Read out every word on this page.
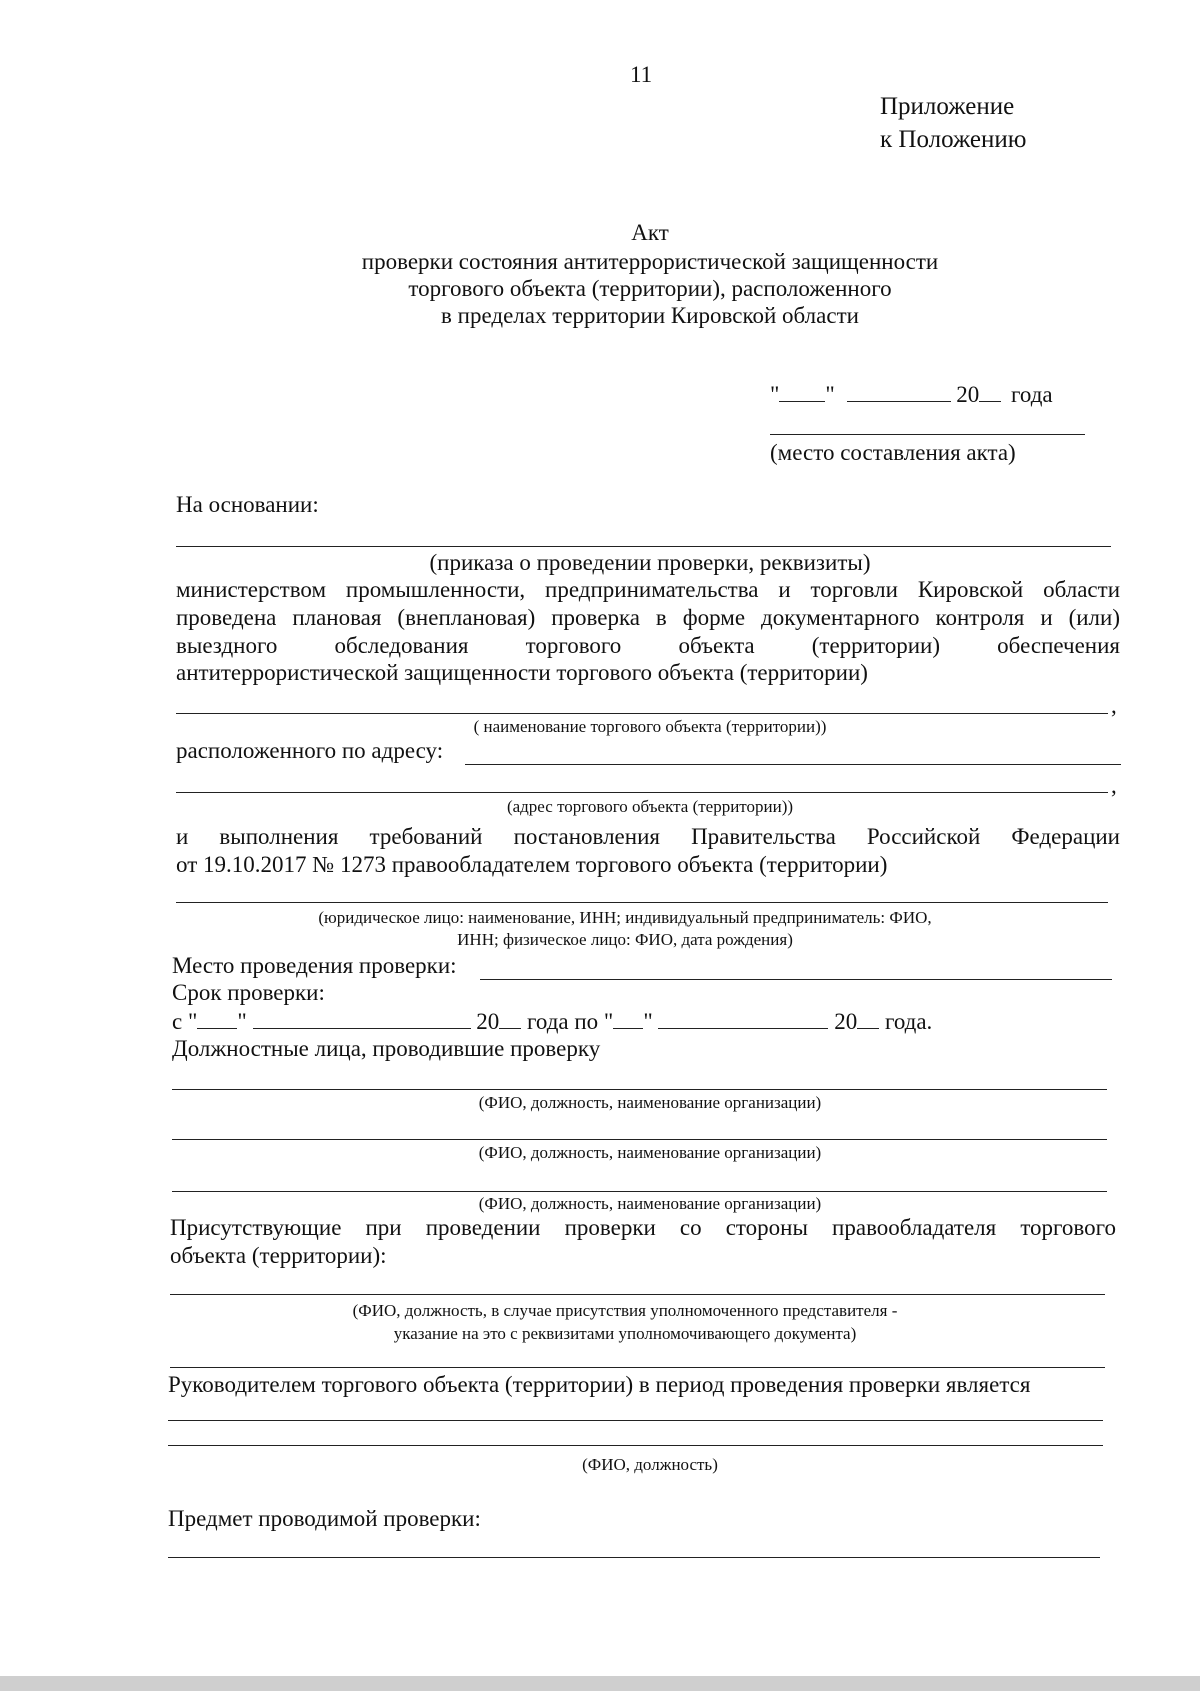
11
Приложение
к Положению
Акт
проверки состояния антитеррористической защищенности
торгового объекта (территории), расположенного
в пределах территории Кировской области
" "	20 года
(место составления акта)
На основании:
(приказа о проведении проверки, реквизиты)
министерством промышленности, предпринимательства и торговли Кировской области
проведена плановая (внеплановая) проверка в форме документарного контроля и (или)
выездного обследования торгового объекта (территории) обеспечения
антитеррористической защищенности торгового объекта (территории)
,
( наименование торгового объекта (территории))
расположенного по адресу:
,
(адрес торгового объекта (территории))
и выполнения требований постановления Правительства Российской Федерации
от 19.10.2017 № 1273 правообладателем торгового объекта (территории)
(юридическое лицо: наименование, ИНН; индивидуальный предприниматель: ФИО,
ИНН; физическое лицо: ФИО, дата рождения)
Место проведения проверки:
Срок проверки:
с " "	20 года по " "	20 года.
Должностные лица, проводившие проверку
(ФИО, должность, наименование организации)
(ФИО, должность, наименование организации)
(ФИО, должность, наименование организации)
Присутствующие при проведении проверки со стороны правообладателя торгового
объекта (территории):
(ФИО, должность, в случае присутствия уполномоченного представителя -
указание на это с реквизитами уполномочивающего документа)
Руководителем торгового объекта (территории) в период проведения проверки является
(ФИО, должность)
Предмет проводимой проверки:
